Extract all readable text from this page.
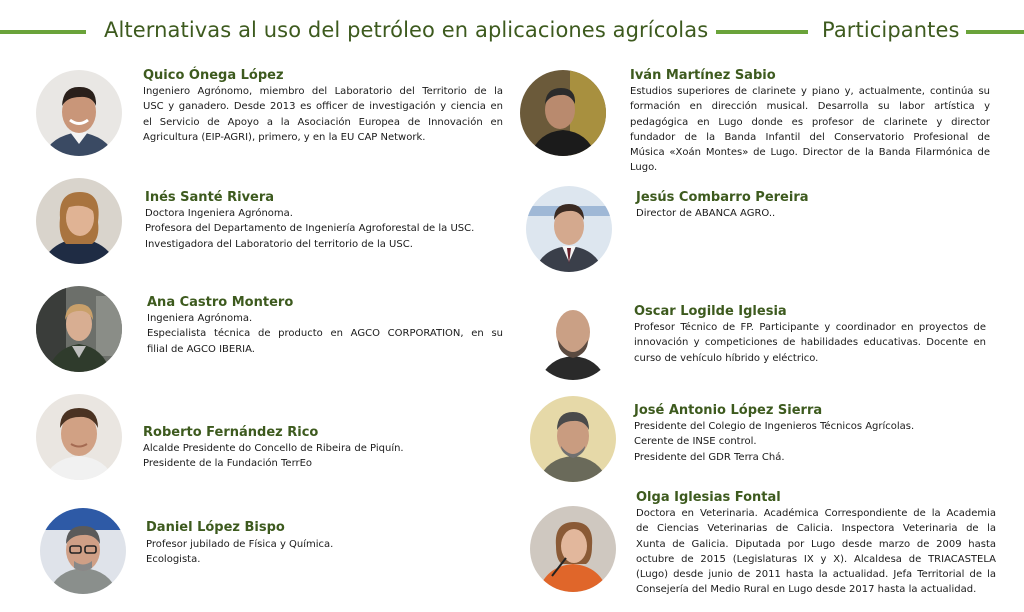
Alternativas al uso del petróleo en aplicaciones agrícolas	Participantes
Quico Ónega López
Ingeniero Agrónomo, miembro del Laboratorio del Territorio de la
USC y ganadero. Desde 2013 es officer de investigación y ciencia en
el Servicio de Apoyo a la Asociación Europea de Innovación en
Agricultura (EIP-AGRI), primero, y en la EU CAP Network.
Inés Santé Rivera
Doctora Ingeniera Agrónoma.
Profesora del Departamento de Ingeniería Agroforestal de la USC.
Investigadora del Laboratorio del territorio de la USC.
Ana Castro Montero
Ingeniera Agrónoma.
Especialista técnica de producto en AGCO CORPORATION, en su
filial de AGCO IBERIA.
Roberto Fernández Rico
Alcalde Presidente do Concello de Ribeira de Piquín.
Presidente de la Fundación TerrEo
Daniel López Bispo
Profesor jubilado de Física y Química.
Ecologista.
Iván Martínez Sabio
Estudios superiores de clarinete y piano y, actualmente, continúa su
formación en dirección musical. Desarrolla su labor artística y
pedagógica en Lugo donde es profesor de clarinete y director
fundador de la Banda Infantil del Conservatorio Profesional de
Música «Xoán Montes» de Lugo. Director de la Banda Filarmónica de
Lugo.
Jesús Combarro Pereira
Director de ABANCA AGRO..
Oscar Logilde Iglesia
Profesor Técnico de FP. Participante y coordinador en proyectos de
innovación y competiciones de habilidades educativas. Docente en
curso de vehículo híbrido y eléctrico.
José Antonio López Sierra
Presidente del Colegio de Ingenieros Técnicos Agrícolas.
Cerente de INSE control.
Presidente del GDR Terra Chá.
Olga Iglesias Fontal
Doctora en Veterinaria. Académica Correspondiente de la Academia
de Ciencias Veterinarias de Calicia. Inspectora Veterinaria de la
Xunta de Galicia. Diputada por Lugo desde marzo de 2009 hasta
octubre de 2015 (Legislaturas IX y X). Alcaldesa de TRIACASTELA
(Lugo) desde junio de 2011 hasta la actualidad. Jefa Territorial de la
Consejería del Medio Rural en Lugo desde 2017 hasta la actualidad.
